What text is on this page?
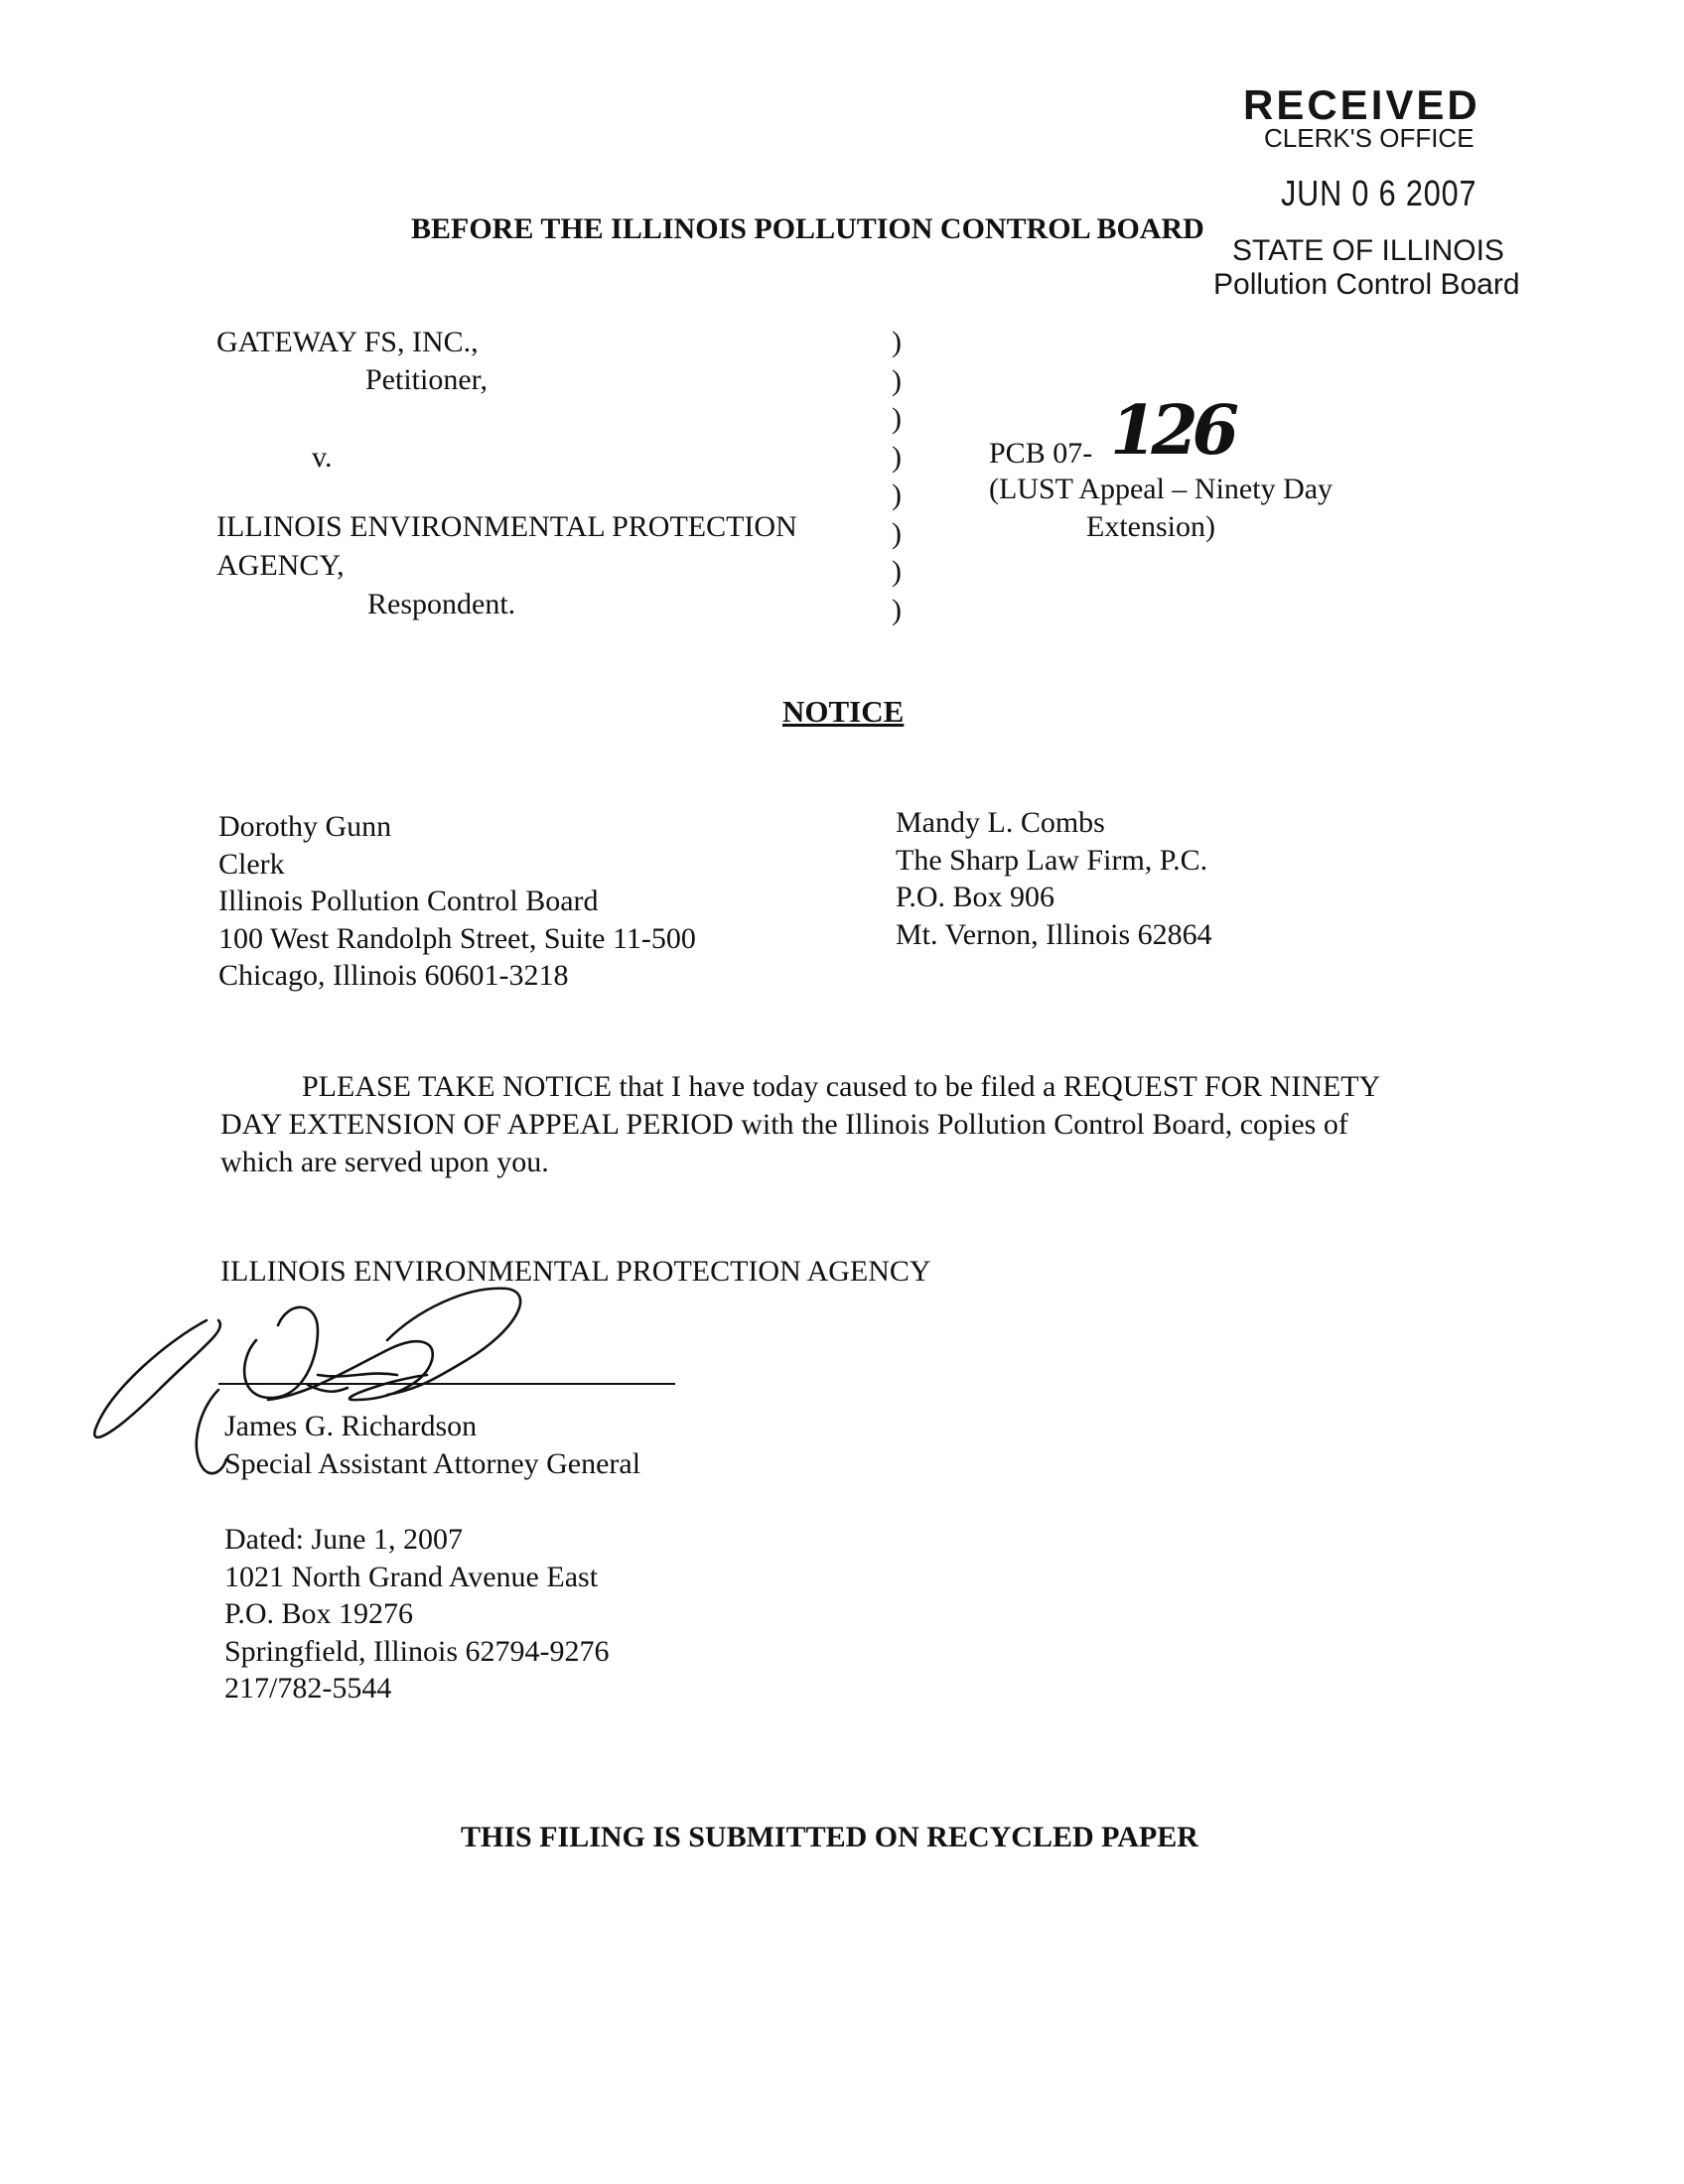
RECEIVED
CLERK'S OFFICE
JUN 0 6 2007
STATE OF ILLINOIS
Pollution Control Board
BEFORE THE ILLINOIS POLLUTION CONTROL BOARD
GATEWAY FS, INC.,
Petitioner,
v.
ILLINOIS ENVIRONMENTAL PROTECTION
AGENCY,
Respondent.
)
)
)
)
)
)
)
)
PCB 07- 126
(LUST Appeal – Ninety Day
Extension)
NOTICE
Dorothy Gunn
Clerk
Illinois Pollution Control Board
100 West Randolph Street, Suite 11-500
Chicago, Illinois 60601-3218
Mandy L. Combs
The Sharp Law Firm, P.C.
P.O. Box 906
Mt. Vernon, Illinois 62864
PLEASE TAKE NOTICE that I have today caused to be filed a REQUEST FOR NINETY
DAY EXTENSION OF APPEAL PERIOD with the Illinois Pollution Control Board, copies of
which are served upon you.
ILLINOIS ENVIRONMENTAL PROTECTION AGENCY
James G. Richardson
Special Assistant Attorney General
Dated: June 1, 2007
1021 North Grand Avenue East
P.O. Box 19276
Springfield, Illinois 62794-9276
217/782-5544
THIS FILING IS SUBMITTED ON RECYCLED PAPER
